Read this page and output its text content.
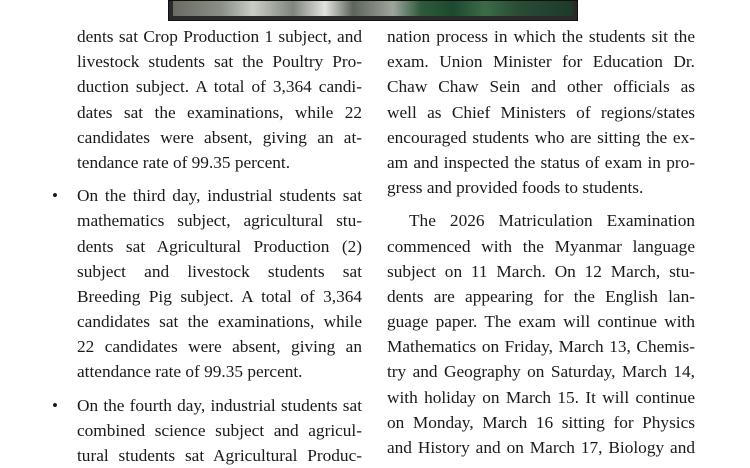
dents sat Crop Production 1 subject, and
livestock students sat the Poultry Pro-
duction subject. A total of 3,364 candi-
dates sat the examinations, while 22
candidates were absent, giving an at-
tendance rate of 99.35 percent.
•	On the third day, industrial students sat
mathematics subject, agricultural stu-
dents sat Agricultural Production (2)
subject and livestock students sat
Breeding Pig subject. A total of 3,364
candidates sat the examinations, while
22 candidates were absent, giving an
attendance rate of 99.35 percent.
•	On the fourth day, industrial students sat
combined science subject and agricul-
tural students sat Agricultural Produc-
nation process in which the students sit the
exam. Union Minister for Education Dr.
Chaw Chaw Sein and other officials as
well as Chief Ministers of regions/states
encouraged students who are sitting the ex-
am and inspected the status of exam in pro-
gress and provided foods to students.
The 2026 Matriculation Examination
commenced with the Myanmar language
subject on 11 March. On 12 March, stu-
dents are appearing for the English lan-
guage paper. The exam will continue with
Mathematics on Friday, March 13, Chemis-
try and Geography on Saturday, March 14,
with holiday on March 15. It will continue
on Monday, March 16 sitting for Physics
and History and on March 17, Biology and
